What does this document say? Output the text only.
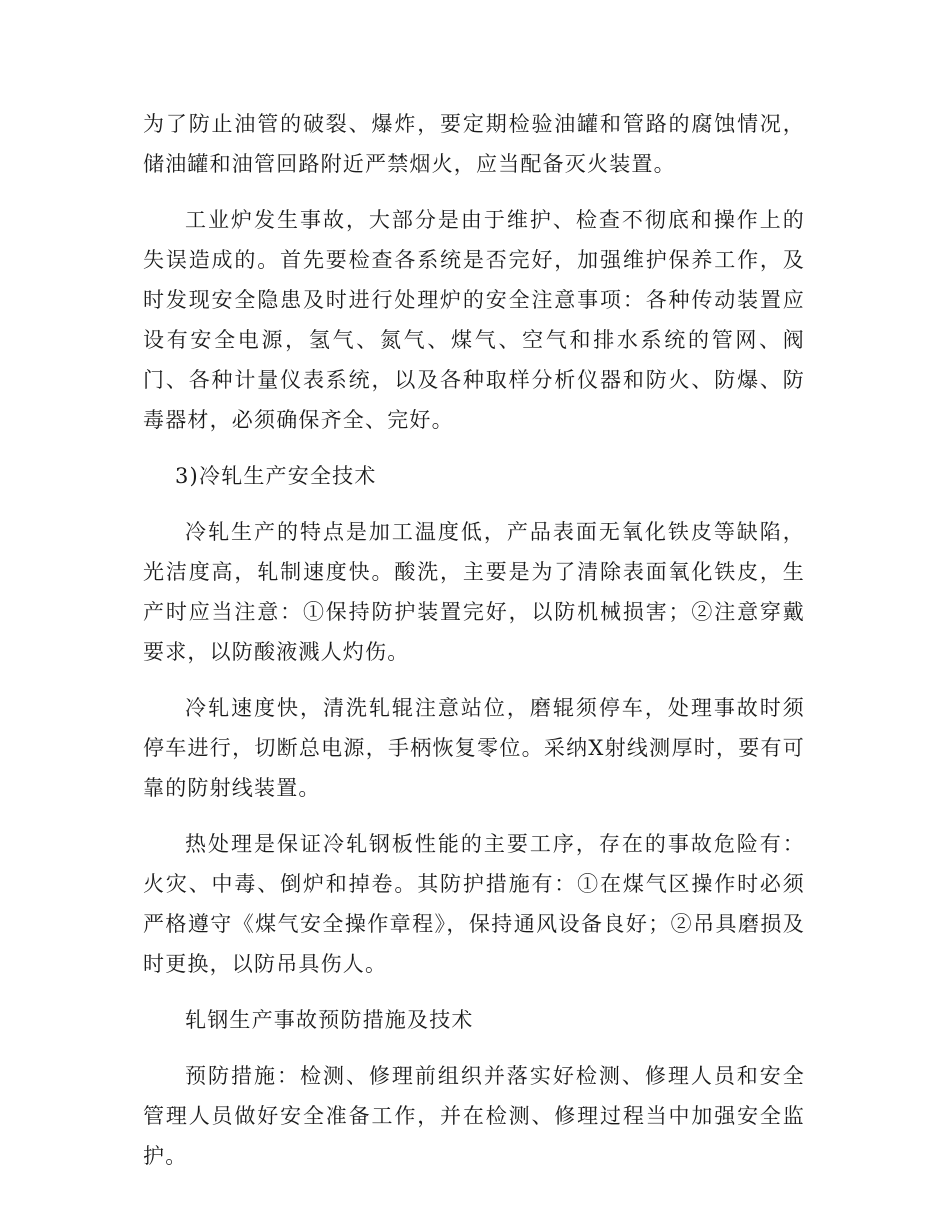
为了防止油管的破裂、爆炸，要定期检验油罐和管路的腐蚀情况，储油罐和油管回路附近严禁烟火，应当配备灭火装置。

工业炉发生事故，大部分是由于维护、检查不彻底和操作上的失误造成的。首先要检查各系统是否完好，加强维护保养工作，及时发现安全隐患及时进行处理炉的安全注意事项：各种传动装置应设有安全电源，氢气、氮气、煤气、空气和排水系统的管网、阀门、各种计量仪表系统，以及各种取样分析仪器和防火、防爆、防毒器材，必须确保齐全、完好。

3)冷轧生产安全技术

冷轧生产的特点是加工温度低，产品表面无氧化铁皮等缺陷，光洁度高，轧制速度快。酸洗，主要是为了清除表面氧化铁皮，生产时应当注意：①保持防护装置完好，以防机械损害；②注意穿戴要求，以防酸液溅人灼伤。

冷轧速度快，清洗轧辊注意站位，磨辊须停车，处理事故时须停车进行，切断总电源，手柄恢复零位。采纳X射线测厚时，要有可靠的防射线装置。

热处理是保证冷轧钢板性能的主要工序，存在的事故危险有：火灾、中毒、倒炉和掉卷。其防护措施有：①在煤气区操作时必须严格遵守《煤气安全操作章程》，保持通风设备良好；②吊具磨损及时更换，以防吊具伤人。

轧钢生产事故预防措施及技术

预防措施：检测、修理前组织并落实好检测、修理人员和安全管理人员做好安全准备工作，并在检测、修理过程当中加强安全监护。
